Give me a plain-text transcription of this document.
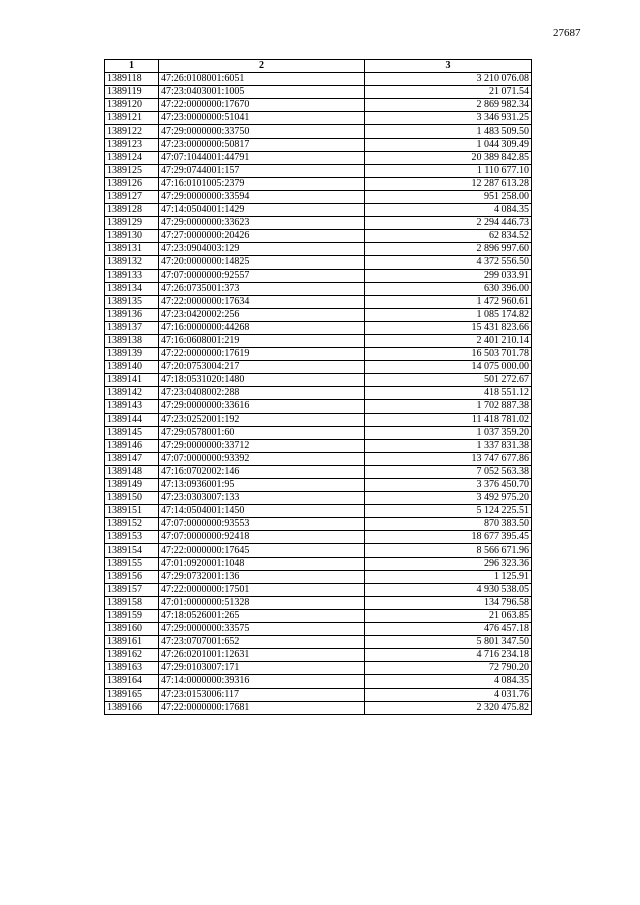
27687
1	2	3
1389118	47:26:0108001:6051	3 210 076.08
1389119	47:23:0403001:1005	21 071.54
1389120	47:22:0000000:17670	2 869 982.34
1389121	47:23:0000000:51041	3 346 931.25
1389122	47:29:0000000:33750	1 483 509.50
1389123	47:23:0000000:50817	1 044 309.49
1389124	47:07:1044001:44791	20 389 842.85
1389125	47:29:0744001:157	1 110 677.10
1389126	47:16:0101005:2379	12 287 613.28
1389127	47:29:0000000:33594	951 258.00
1389128	47:14:0504001:1429	4 084.35
1389129	47:29:0000000:33623	2 294 446.73
1389130	47:27:0000000:20426	62 834.52
1389131	47:23:0904003:129	2 896 997.60
1389132	47:20:0000000:14825	4 372 556.50
1389133	47:07:0000000:92557	299 033.91
1389134	47:26:0735001:373	630 396.00
1389135	47:22:0000000:17634	1 472 960.61
1389136	47:23:0420002:256	1 085 174.82
1389137	47:16:0000000:44268	15 431 823.66
1389138	47:16:0608001:219	2 401 210.14
1389139	47:22:0000000:17619	16 503 701.78
1389140	47:20:0753004:217	14 075 000.00
1389141	47:18:0531020:1480	501 272.67
1389142	47:23:0408002:288	418 551.12
1389143	47:29:0000000:33616	1 702 887.38
1389144	47:23:0252001:192	11 418 781.02
1389145	47:29:0578001:60	1 037 359.20
1389146	47:29:0000000:33712	1 337 831.38
1389147	47:07:0000000:93392	13 747 677.86
1389148	47:16:0702002:146	7 052 563.38
1389149	47:13:0936001:95	3 376 450.70
1389150	47:23:0303007:133	3 492 975.20
1389151	47:14:0504001:1450	5 124 225.51
1389152	47:07:0000000:93553	870 383.50
1389153	47:07:0000000:92418	18 677 395.45
1389154	47:22:0000000:17645	8 566 671.96
1389155	47:01:0920001:1048	296 323.36
1389156	47:29:0732001:136	1 125.91
1389157	47:22:0000000:17501	4 930 538.05
1389158	47:01:0000000:51328	134 796.58
1389159	47:18:0526001:265	21 063.85
1389160	47:29:0000000:33575	476 457.18
1389161	47:23:0707001:652	5 801 347.50
1389162	47:26:0201001:12631	4 716 234.18
1389163	47:29:0103007:171	72 790.20
1389164	47:14:0000000:39316	4 084.35
1389165	47:23:0153006:117	4 031.76
1389166	47:22:0000000:17681	2 320 475.82
